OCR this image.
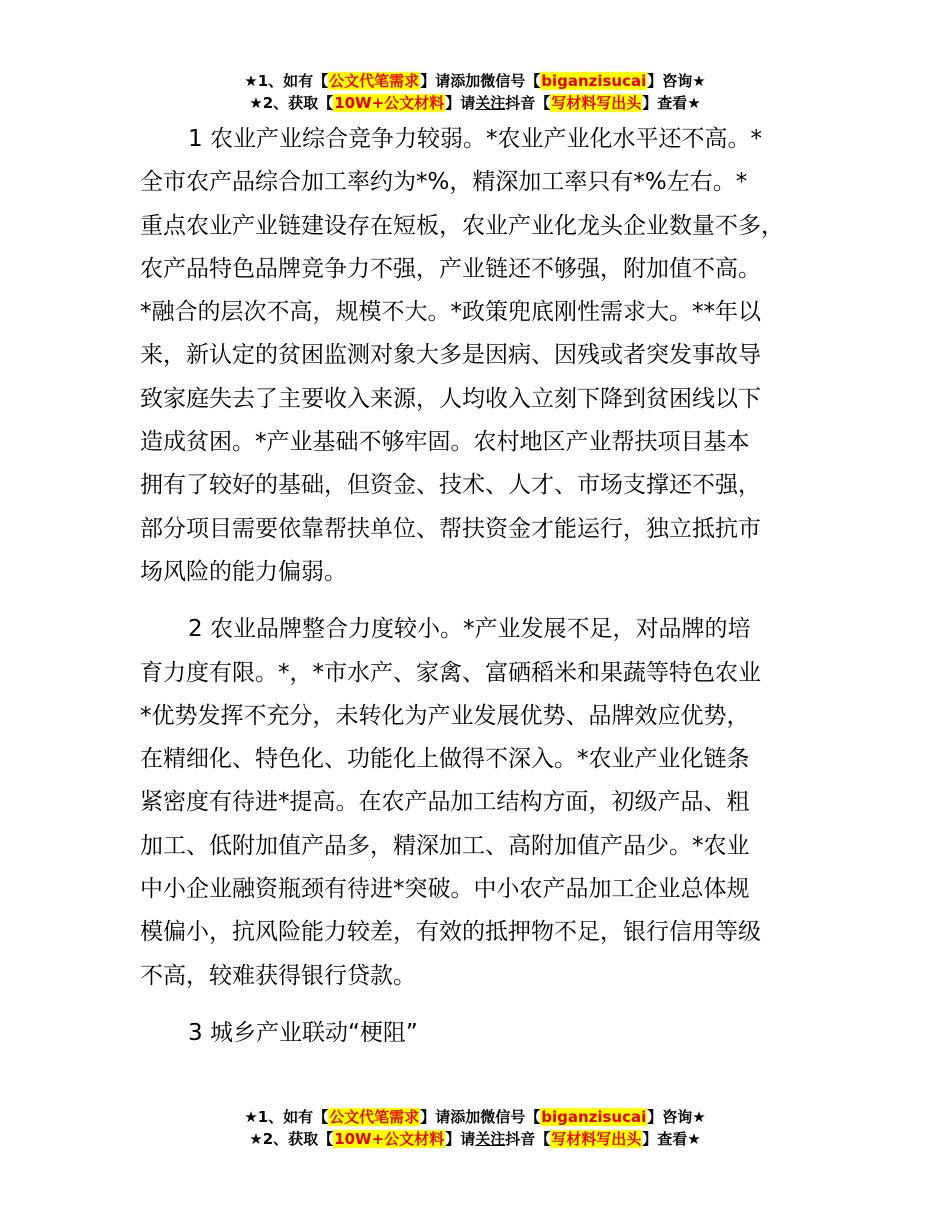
★1、如有【公文代笔需求】请添加微信号【biganzisucai】咨询★
★2、获取【10W+公文材料】请关注抖音【写材料写出头】查看★
1 农业产业综合竞争力较弱。*农业产业化水平还不高。*
全市农产品综合加工率约为*%，精深加工率只有*%左右。*
重点农业产业链建设存在短板，农业产业化龙头企业数量不多，
农产品特色品牌竞争力不强，产业链还不够强，附加值不高。
*融合的层次不高，规模不大。*政策兜底刚性需求大。**年以
来，新认定的贫困监测对象大多是因病、因残或者突发事故导
致家庭失去了主要收入来源，人均收入立刻下降到贫困线以下
造成贫困。*产业基础不够牢固。农村地区产业帮扶项目基本
拥有了较好的基础，但资金、技术、人才、市场支撑还不强，
部分项目需要依靠帮扶单位、帮扶资金才能运行，独立抵抗市
场风险的能力偏弱。
2 农业品牌整合力度较小。*产业发展不足，对品牌的培
育力度有限。*，*市水产、家禽、富硒稻米和果蔬等特色农业
*优势发挥不充分，未转化为产业发展优势、品牌效应优势，
在精细化、特色化、功能化上做得不深入。*农业产业化链条
紧密度有待进*提高。在农产品加工结构方面，初级产品、粗
加工、低附加值产品多，精深加工、高附加值产品少。*农业
中小企业融资瓶颈有待进*突破。中小农产品加工企业总体规
模偏小，抗风险能力较差，有效的抵押物不足，银行信用等级
不高，较难获得银行贷款。
3 城乡产业联动“梗阻”
★1、如有【公文代笔需求】请添加微信号【biganzisucai】咨询★
★2、获取【10W+公文材料】请关注抖音【写材料写出头】查看★
